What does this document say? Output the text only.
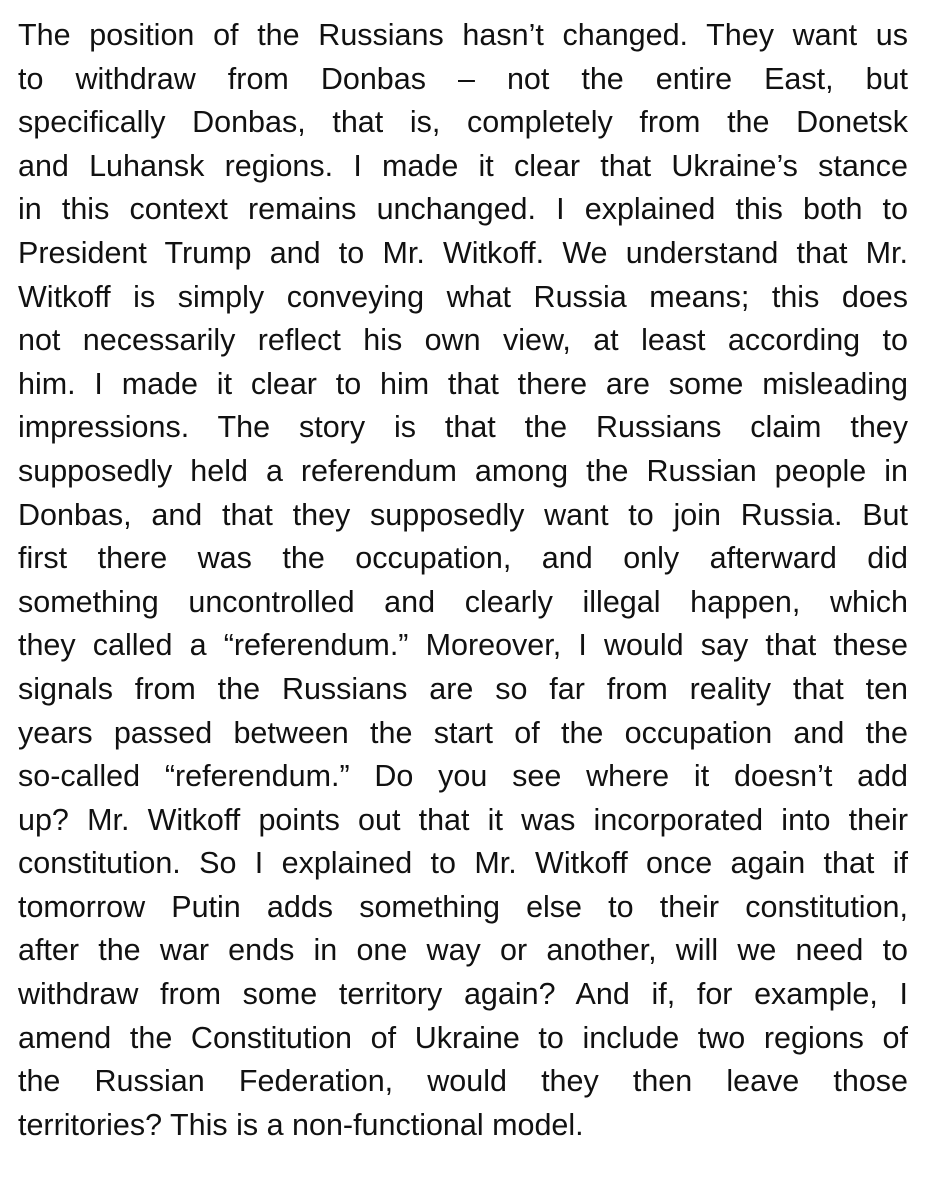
The position of the Russians hasn’t changed. They want us
to withdraw from Donbas – not the entire East, but
specifically Donbas, that is, completely from the Donetsk
and Luhansk regions. I made it clear that Ukraine’s stance
in this context remains unchanged. I explained this both to
President Trump and to Mr. Witkoff. We understand that Mr.
Witkoff is simply conveying what Russia means; this does
not necessarily reflect his own view, at least according to
him. I made it clear to him that there are some misleading
impressions. The story is that the Russians claim they
supposedly held a referendum among the Russian people in
Donbas, and that they supposedly want to join Russia. But
first there was the occupation, and only afterward did
something uncontrolled and clearly illegal happen, which
they called a “referendum.” Moreover, I would say that these
signals from the Russians are so far from reality that ten
years passed between the start of the occupation and the
so-called “referendum.” Do you see where it doesn’t add
up? Mr. Witkoff points out that it was incorporated into their
constitution. So I explained to Mr. Witkoff once again that if
tomorrow Putin adds something else to their constitution,
after the war ends in one way or another, will we need to
withdraw from some territory again? And if, for example, I
amend the Constitution of Ukraine to include two regions of
the Russian Federation, would they then leave those
territories? This is a non-functional model.
